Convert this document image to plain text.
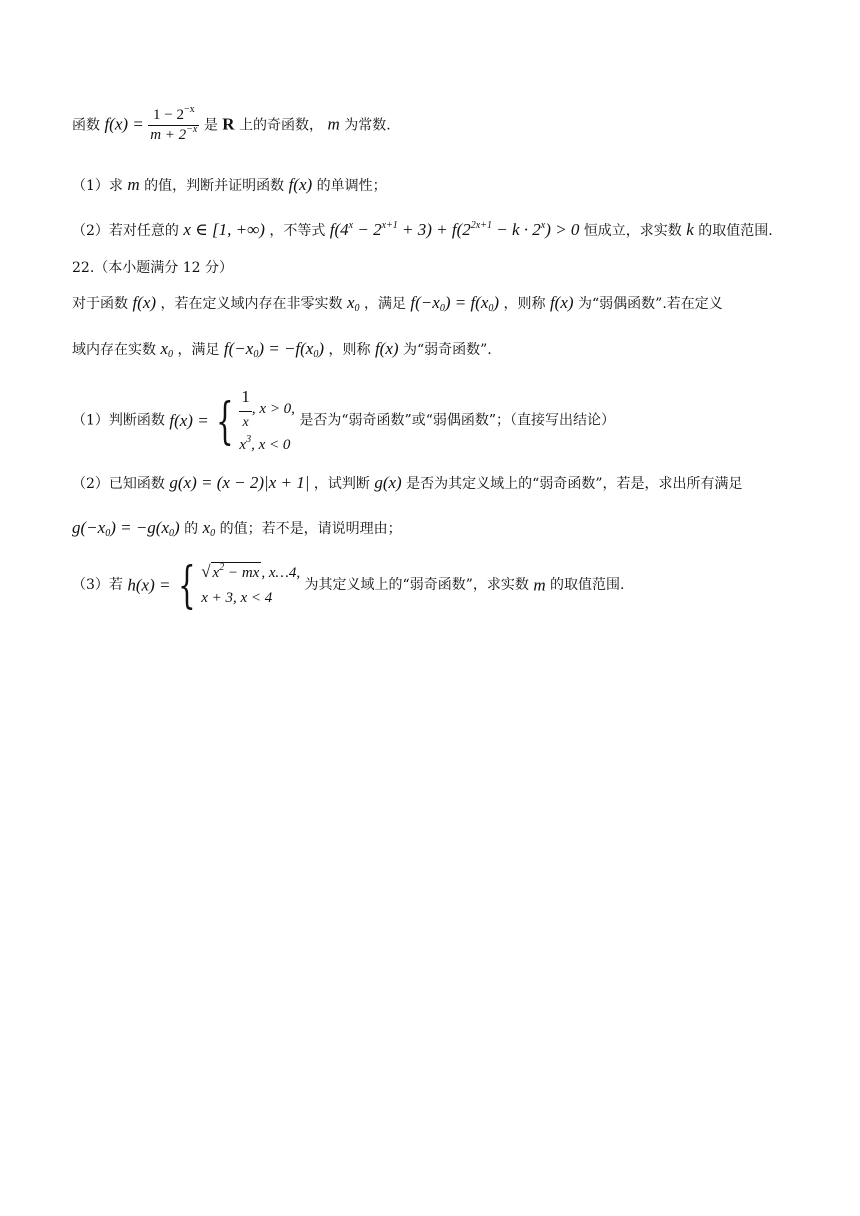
函数 $f(x) = \frac{1 - 2^{-x}}{m + 2^{-x}}$ 是 R 上的奇函数， m 为常数.
（1）求 m 的值，判断并证明函数 f(x) 的单调性；
（2）若对任意的 x ∈ [1, +∞) ，不等式 $f(4^x - 2^{x+1} + 3) + f(2^{2x+1} - k \cdot 2^x) > 0$ 恒成立，求实数 k 的取值范围.
22.（本小题满分 12 分）
对于函数 f(x) ，若在定义域内存在非零实数 $x_0$ ，满足 $f(-x_0) = f(x_0)$ ，则称 f(x) 为“弱偶函数”.若在定义
域内存在实数 $x_0$ ，满足 $f(-x_0) = -f(x_0)$ ，则称 f(x) 为“弱奇函数”.
（1）判断函数 f(x) = { $\frac{1}{x}$ , x > 0,
$x^3$, x < 0
是否为“弱奇函数”或“弱偶函数”；（直接写出结论）
（2）已知函数 g(x) = (x − 2)|x + 1| ，试判断 g(x) 是否为其定义域上的“弱奇函数”，若是，求出所有满足
$g(-x_0) = -g(x_0)$ 的 $x_0$ 的值；若不是，请说明理由；
（3）若 h(x) = { √ $x^2$ − mx , x…4,
x + 3, x < 4
为其定义域上的“弱奇函数”，求实数 m 的取值范围.
